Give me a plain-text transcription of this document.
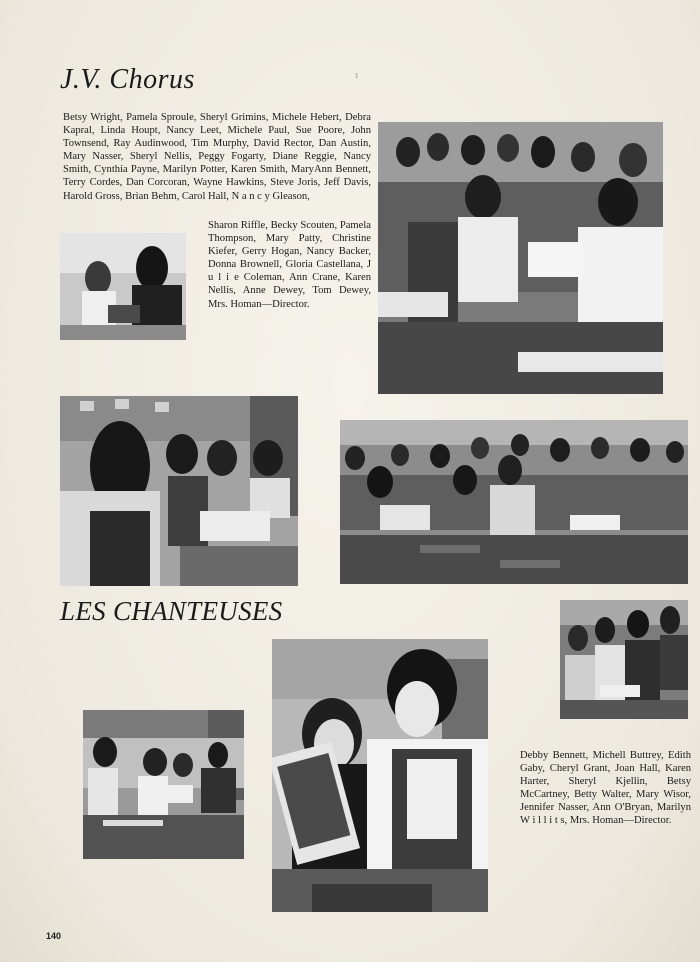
J.V. Chorus	1

Betsy Wright, Pamela Sproule, Sheryl Grimins, Michele Hebert, Debra Kapral, Linda Houpt, Nancy Leet, Michele Paul, Sue Poore, John Townsend, Ray Audinwood, Tim Murphy, David Rector, Dan Austin, Mary Nasser, Sheryl Nellis, Peggy Fogarty, Diane Reggie, Nancy Smith, Cynthia Payne, Marilyn Potter, Karen Smith, MaryAnn Bennett, Terry Cordes, Dan Corcoran, Wayne Hawkins, Steve Joris, Jeff Davis, Harold Gross, Brian Behm, Carol Hall, N a n c y Gleason,

Sharon Riffle, Becky Scouten, Pamela Thompson, Mary Patty, Christine Kiefer, Gerry Hogan, Nancy Backer, Donna Brownell, Gloria Castellana, J u l i e Coleman, Ann Crane, Karen Nellis, Anne Dewey, Tom Dewey, Mrs. Homan—Director.

LES CHANTEUSES

Debby Bennett, Michell Buttrey, Edith Gaby, Cheryl Grant, Joan Hall, Karen Harter, Sheryl Kjellin, Betsy McCartney, Betty Walter, Mary Wisor, Jennifer Nasser, Ann O'Bryan, Marilyn W i l l i t s, Mrs. Homan—Director.

140
